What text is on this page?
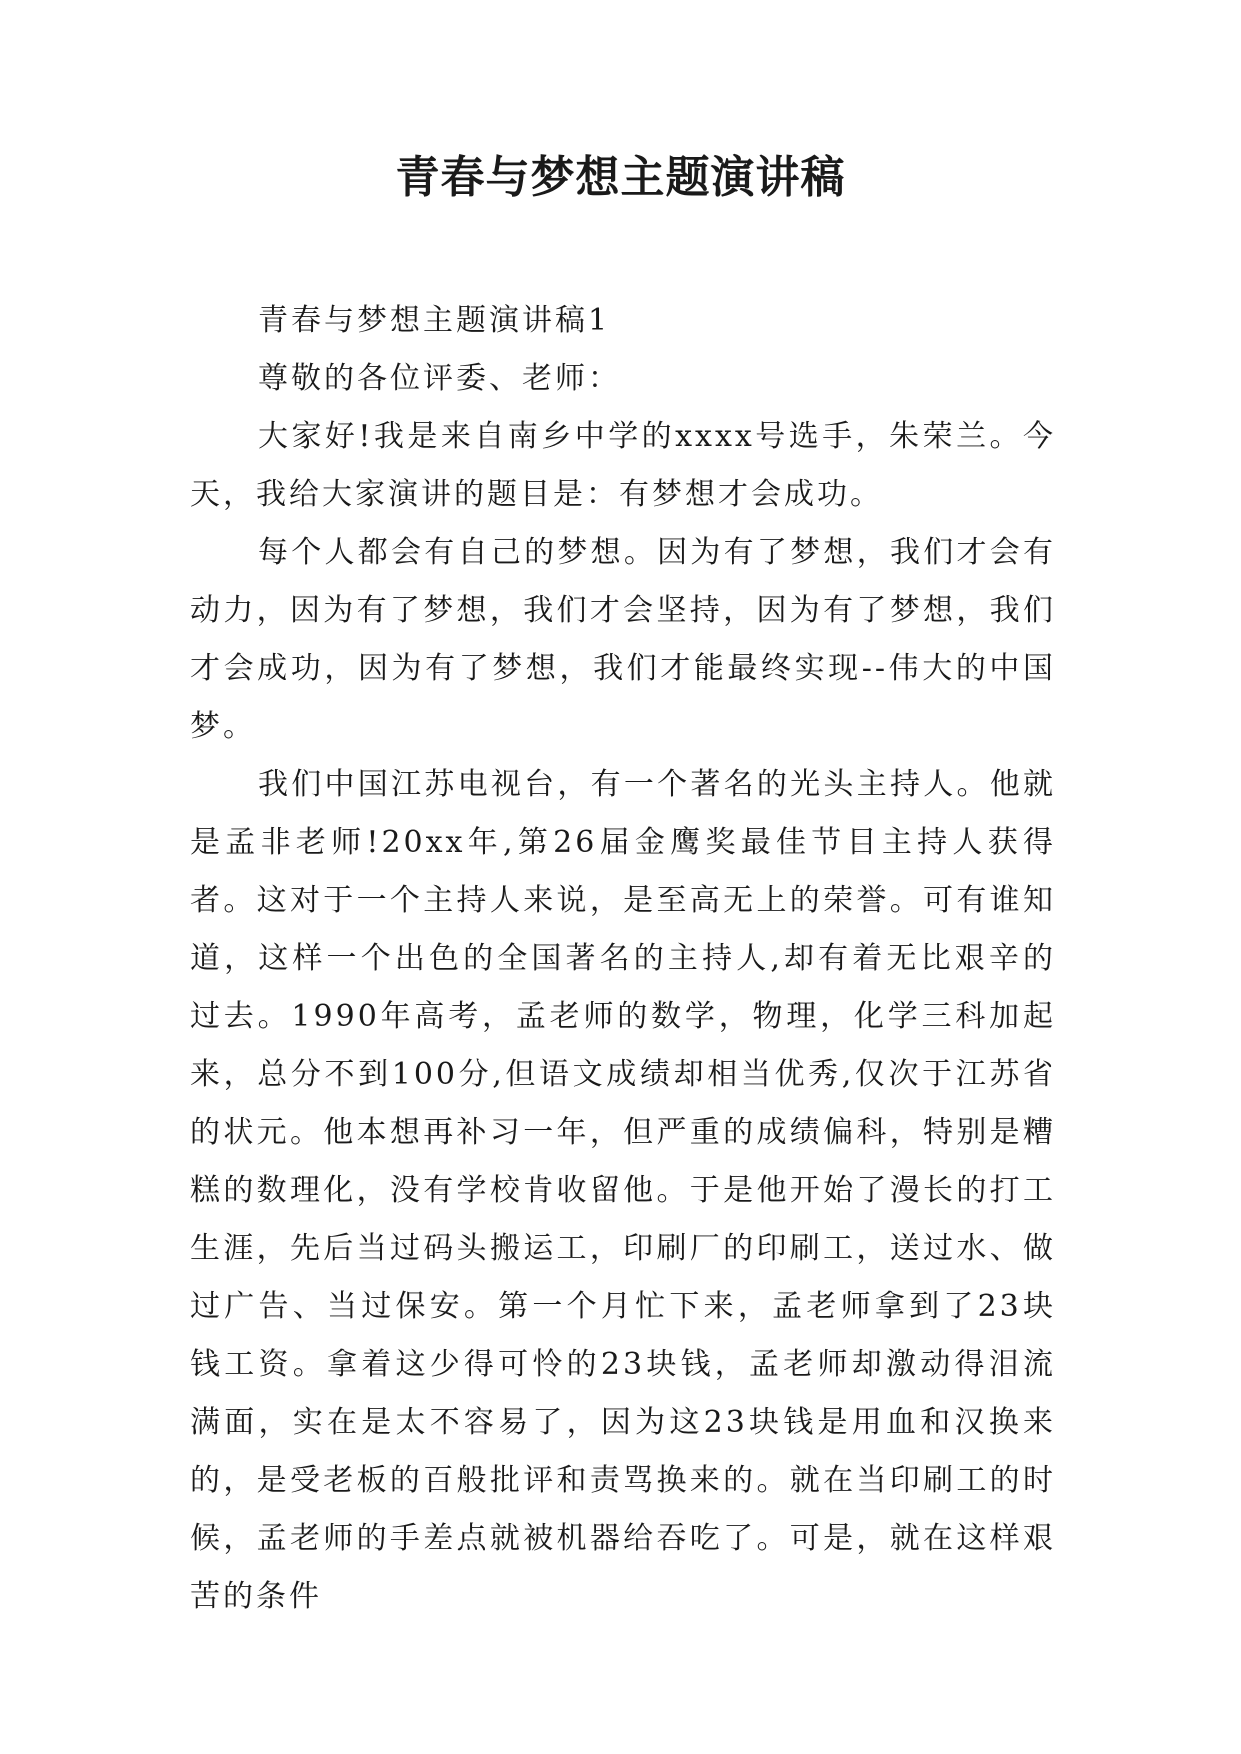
青春与梦想主题演讲稿

青春与梦想主题演讲稿1

尊敬的各位评委、老师：

大家好!我是来自南乡中学的xxxx号选手，朱荣兰。今天，我给大家演讲的题目是：有梦想才会成功。

每个人都会有自己的梦想。因为有了梦想，我们才会有动力，因为有了梦想，我们才会坚持，因为有了梦想，我们才会成功，因为有了梦想，我们才能最终实现--伟大的中国梦。

我们中国江苏电视台，有一个著名的光头主持人。他就是孟非老师!20xx年,第26届金鹰奖最佳节目主持人获得者。这对于一个主持人来说，是至高无上的荣誉。可有谁知道，这样一个出色的全国著名的主持人,却有着无比艰辛的过去。1990年高考，孟老师的数学，物理，化学三科加起来，总分不到100分,但语文成绩却相当优秀,仅次于江苏省的状元。他本想再补习一年，但严重的成绩偏科，特别是糟糕的数理化，没有学校肯收留他。于是他开始了漫长的打工生涯，先后当过码头搬运工，印刷厂的印刷工，送过水、做过广告、当过保安。第一个月忙下来，孟老师拿到了23块钱工资。拿着这少得可怜的23块钱，孟老师却激动得泪流满面，实在是太不容易了，因为这23块钱是用血和汉换来的，是受老板的百般批评和责骂换来的。就在当印刷工的时候，孟老师的手差点就被机器给吞吃了。可是，就在这样艰苦的条件
